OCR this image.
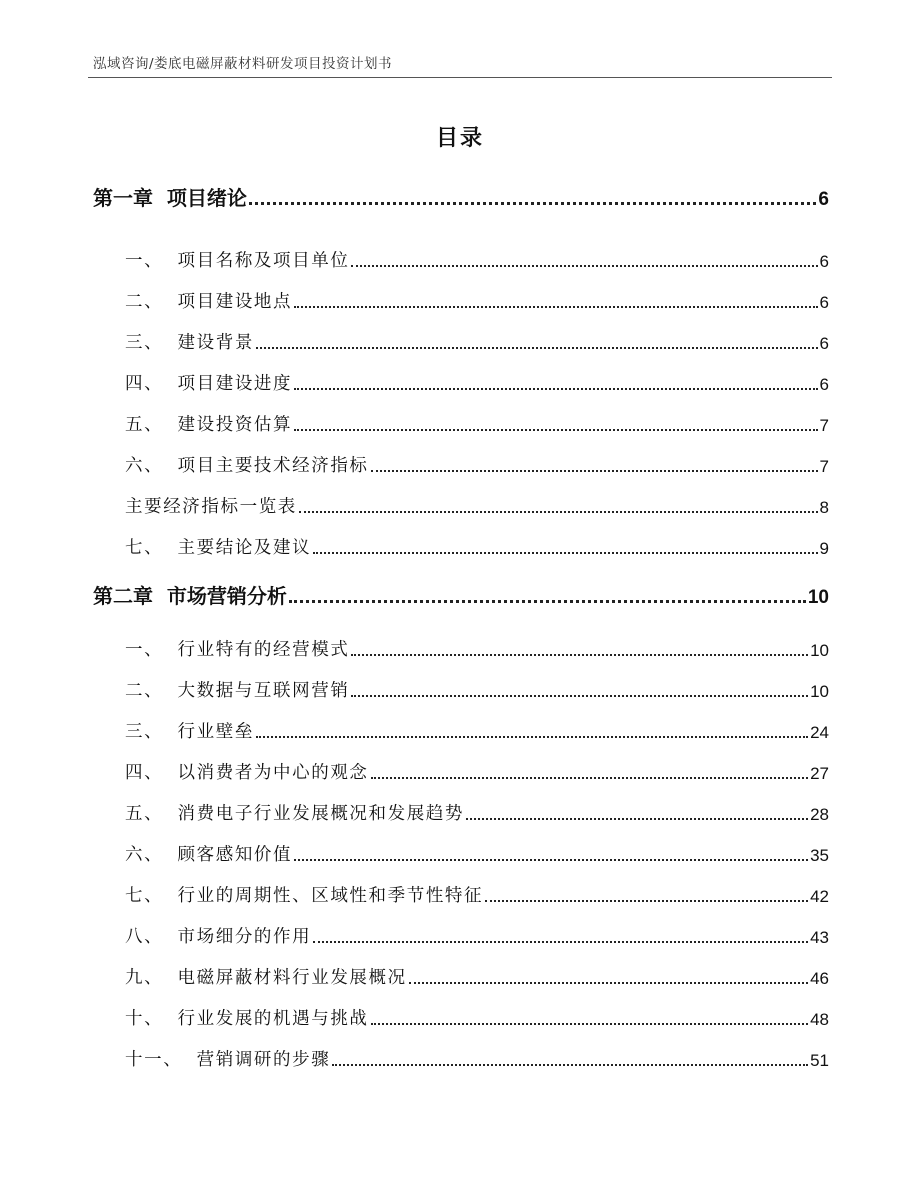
泓域咨询/娄底电磁屏蔽材料研发项目投资计划书
目录
第一章  项目绪论	6
一、  项目名称及项目单位	6
二、  项目建设地点	6
三、  建设背景	6
四、  项目建设进度	6
五、  建设投资估算	7
六、  项目主要技术经济指标	7
主要经济指标一览表	8
七、  主要结论及建议	9
第二章  市场营销分析	10
一、  行业特有的经营模式	10
二、  大数据与互联网营销	10
三、  行业壁垒	24
四、  以消费者为中心的观念	27
五、  消费电子行业发展概况和发展趋势	28
六、  顾客感知价值	35
七、  行业的周期性、区域性和季节性特征	42
八、  市场细分的作用	43
九、  电磁屏蔽材料行业发展概况	46
十、  行业发展的机遇与挑战	48
十一、  营销调研的步骤	51
